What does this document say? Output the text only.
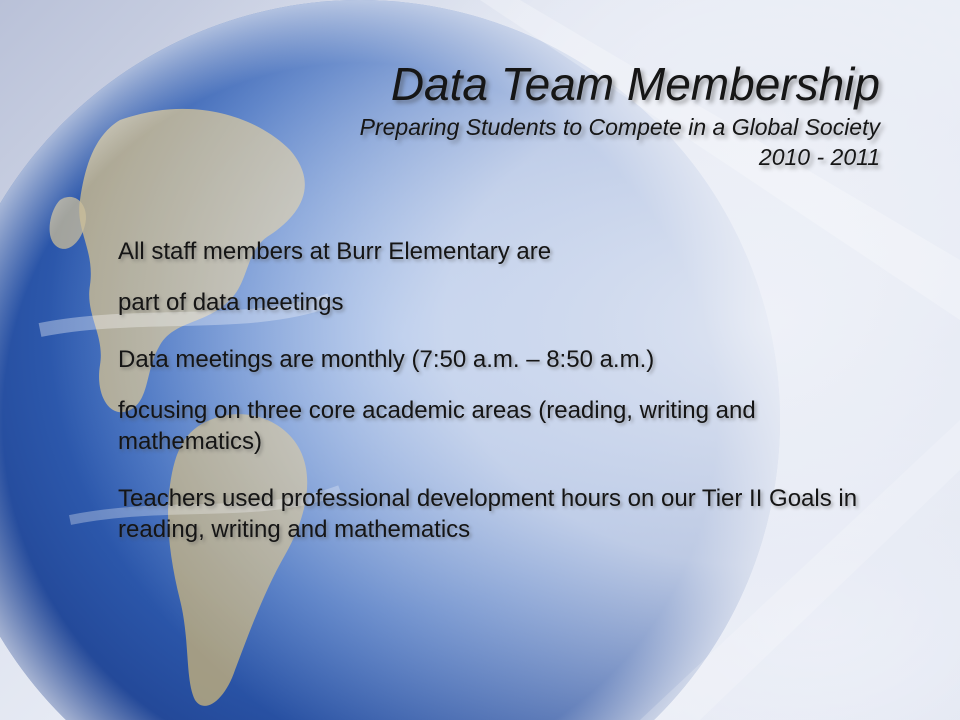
Data Team Membership

Preparing Students to Compete in a Global Society

2010 - 2011

All staff members at Burr Elementary are

part of data meetings

Data meetings are monthly (7:50 a.m. – 8:50 a.m.)

focusing on three core academic areas (reading, writing and mathematics)

Teachers used professional development hours on our Tier II Goals in reading, writing and mathematics
